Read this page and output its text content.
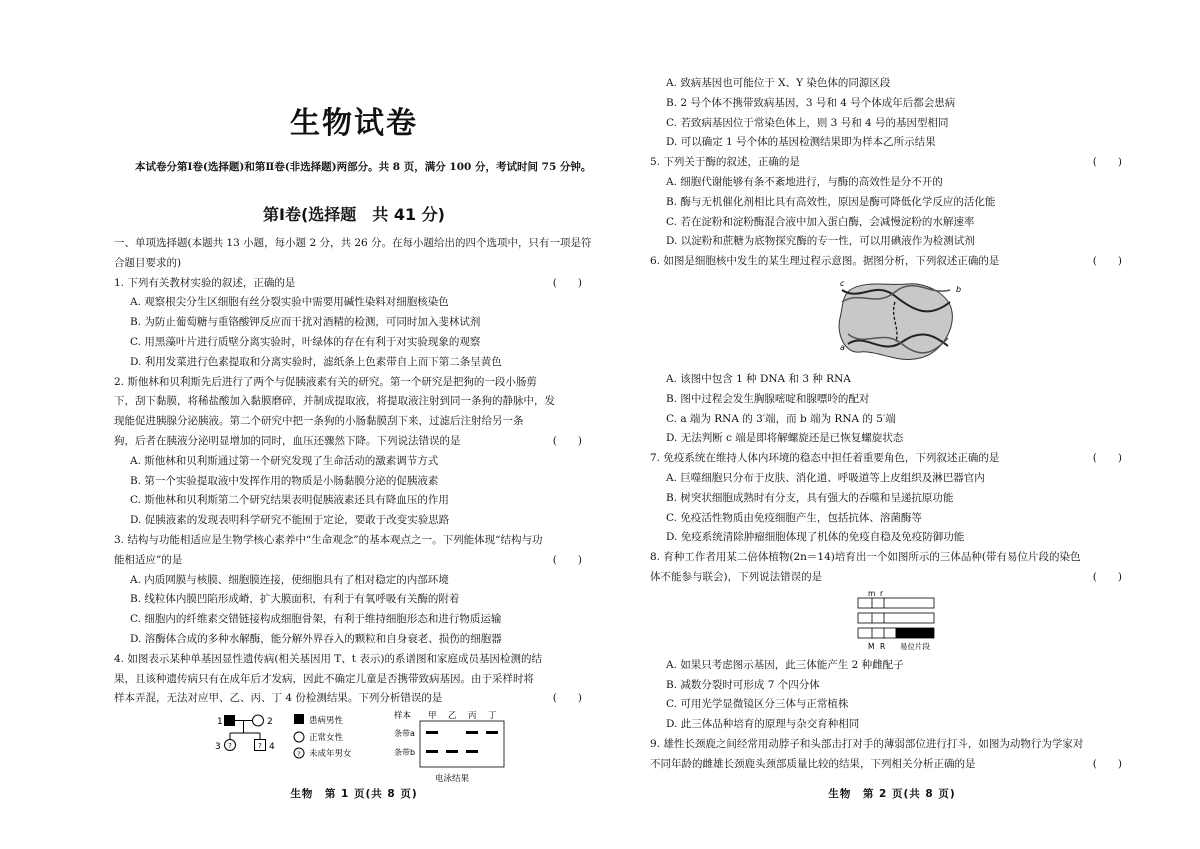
生物试卷
本试卷分第Ⅰ卷(选择题)和第Ⅱ卷(非选择题)两部分。共 8 页，满分 100 分，考试时间 75 分钟。
第Ⅰ卷(选择题　共 41 分)
一、单项选择题(本题共 13 小题，每小题 2 分，共 26 分。在每小题给出的四个选项中，只有一项是符合题目要求的)
1. 下列有关教材实验的叙述，正确的是	(　　)
A. 观察根尖分生区细胞有丝分裂实验中需要用碱性染料对细胞核染色
B. 为防止葡萄糖与重铬酸钾反应而干扰对酒精的检测，可同时加入斐林试剂
C. 用黑藻叶片进行质壁分离实验时，叶绿体的存在有利于对实验现象的观察
D. 利用发菜进行色素提取和分离实验时，滤纸条上色素带自上而下第二条呈黄色
2. 斯他林和贝利斯先后进行了两个与促胰液素有关的研究。第一个研究是把狗的一段小肠剪
下，刮下黏膜，将稀盐酸加入黏膜磨碎，并制成提取液，将提取液注射到同一条狗的静脉中，发
现能促进胰腺分泌胰液。第二个研究中把一条狗的小肠黏膜刮下来，过滤后注射给另一条
狗，后者在胰液分泌明显增加的同时，血压还骤然下降。下列说法错误的是	(　　)
A. 斯他林和贝利斯通过第一个研究发现了生命活动的激素调节方式
B. 第一个实验提取液中发挥作用的物质是小肠黏膜分泌的促胰液素
C. 斯他林和贝利斯第二个研究结果表明促胰液素还具有降血压的作用
D. 促胰液素的发现表明科学研究不能囿于定论，要敢于改变实验思路
3. 结构与功能相适应是生物学核心素养中“生命观念”的基本观点之一。下列能体现“结构与功
能相适应”的是	(　　)
A. 内质网膜与核膜、细胞膜连接，使细胞具有了相对稳定的内部环境
B. 线粒体内膜凹陷形成嵴，扩大膜面积，有利于有氧呼吸有关酶的附着
C. 细胞内的纤维素交错链接构成细胞骨架，有利于维持细胞形态和进行物质运输
D. 溶酶体合成的多种水解酶，能分解外界吞入的颗粒和自身衰老、损伤的细胞器
4. 如图表示某种单基因显性遗传病(相关基因用 T、t 表示)的系谱图和家庭成员基因检测的结
果，且该种遗传病只有在成年后才发病，因此不确定儿童是否携带致病基因。由于采样时将
样本弄混，无法对应甲、乙、丙、丁 4 份检测结果。下列分析错误的是	(　　)
1	2
3 ?	? 4
患病男性
正常女性
? 未成年男女
样本 甲 乙 丙 丁
条带a
条带b
电泳结果
生物　第 1 页(共 8 页)
A. 致病基因也可能位于 X、Y 染色体的同源区段
B. 2 号个体不携带致病基因，3 号和 4 号个体成年后都会患病
C. 若致病基因位于常染色体上，则 3 号和 4 号的基因型相同
D. 可以确定 1 号个体的基因检测结果即为样本乙所示结果
5. 下列关于酶的叙述，正确的是	(　　)
A. 细胞代谢能够有条不紊地进行，与酶的高效性是分不开的
B. 酶与无机催化剂相比具有高效性，原因是酶可降低化学反应的活化能
C. 若在淀粉和淀粉酶混合液中加入蛋白酶，会减慢淀粉的水解速率
D. 以淀粉和蔗糖为底物探究酶的专一性，可以用碘液作为检测试剂
6. 如图是细胞核中发生的某生理过程示意图。据图分析，下列叙述正确的是	(　　)
c
b
a
A. 该图中包含 1 种 DNA 和 3 种 RNA
B. 图中过程会发生胸腺嘧啶和腺嘌呤的配对
C. a 端为 RNA 的 3′端，而 b 端为 RNA 的 5′端
D. 无法判断 c 端是即将解螺旋还是已恢复螺旋状态
7. 免疫系统在维持人体内环境的稳态中担任着重要角色，下列叙述正确的是	(　　)
A. 巨噬细胞只分布于皮肤、消化道、呼吸道等上皮组织及淋巴器官内
B. 树突状细胞成熟时有分支，具有强大的吞噬和呈递抗原功能
C. 免疫活性物质由免疫细胞产生，包括抗体、溶菌酶等
D. 免疫系统清除肿瘤细胞体现了机体的免疫自稳及免疫防御功能
8. 育种工作者用某二倍体植物(2n＝14)培育出一个如图所示的三体品种(带有易位片段的染色
体不能参与联会)，下列说法错误的是	(　　)
m r
M R 易位片段
A. 如果只考虑图示基因，此三体能产生 2 种雌配子
B. 减数分裂时可形成 7 个四分体
C. 可用光学显微镜区分三体与正常植株
D. 此三体品种培育的原理与杂交育种相同
9. 雄性长颈鹿之间经常用动脖子和头部击打对手的薄弱部位进行打斗，如图为动物行为学家对
不同年龄的雌雄长颈鹿头颈部质量比较的结果，下列相关分析正确的是	(　　)
生物　第 2 页(共 8 页)
